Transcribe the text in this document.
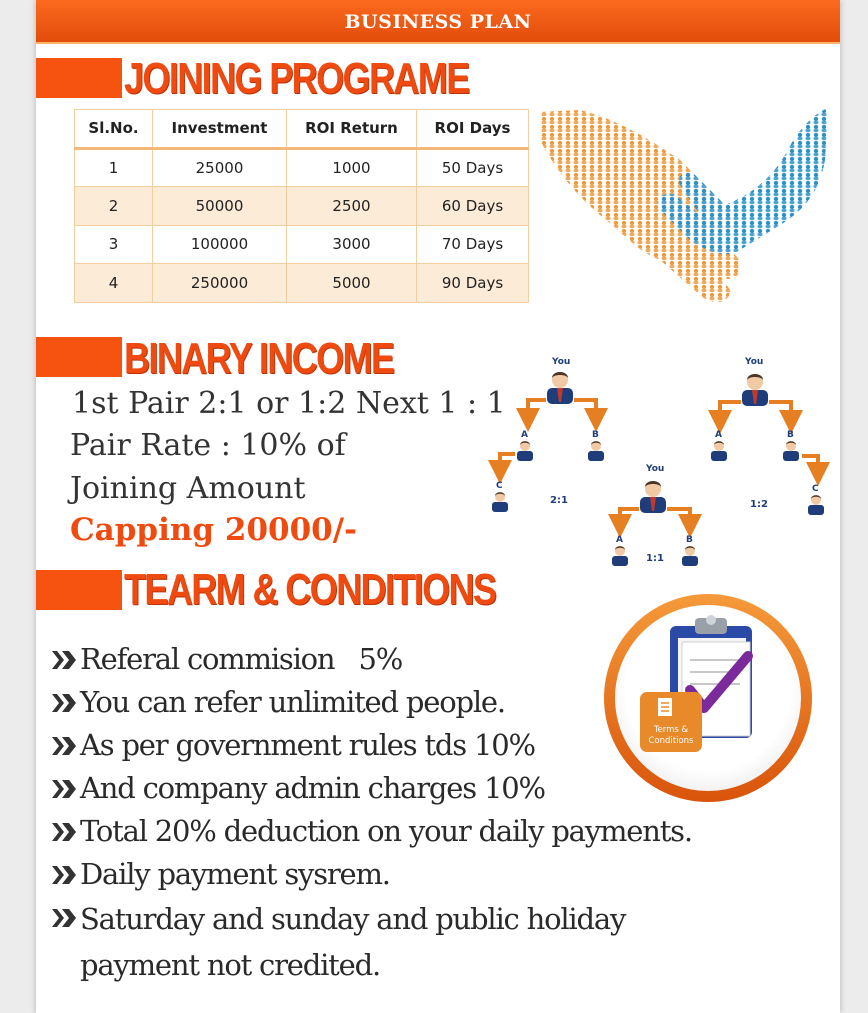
BUSINESS PLAN
JOINING PROGRAME
Sl.No.	Investment	ROI Return	ROI Days
1	25000	1000	50 Days
2	50000	2500	60 Days
3	100000	3000	70 Days
4	250000	5000	90 Days
BINARY INCOME
1st Pair 2:1 or 1:2 Next 1 : 1
Pair Rate : 10% of
Joining Amount
Capping 20000/-
You
A	B
C
2:1
You
A	B
C
1:2
You
A	B
1:1
TEARM & CONDITIONS
Terms &
Conditions
Referal commision   5%
You can refer unlimited people.
As per government rules tds 10%
And company admin charges 10%
Total 20% deduction on your daily payments.
Daily payment sysrem.
Saturday and sunday and public holiday payment not credited.
